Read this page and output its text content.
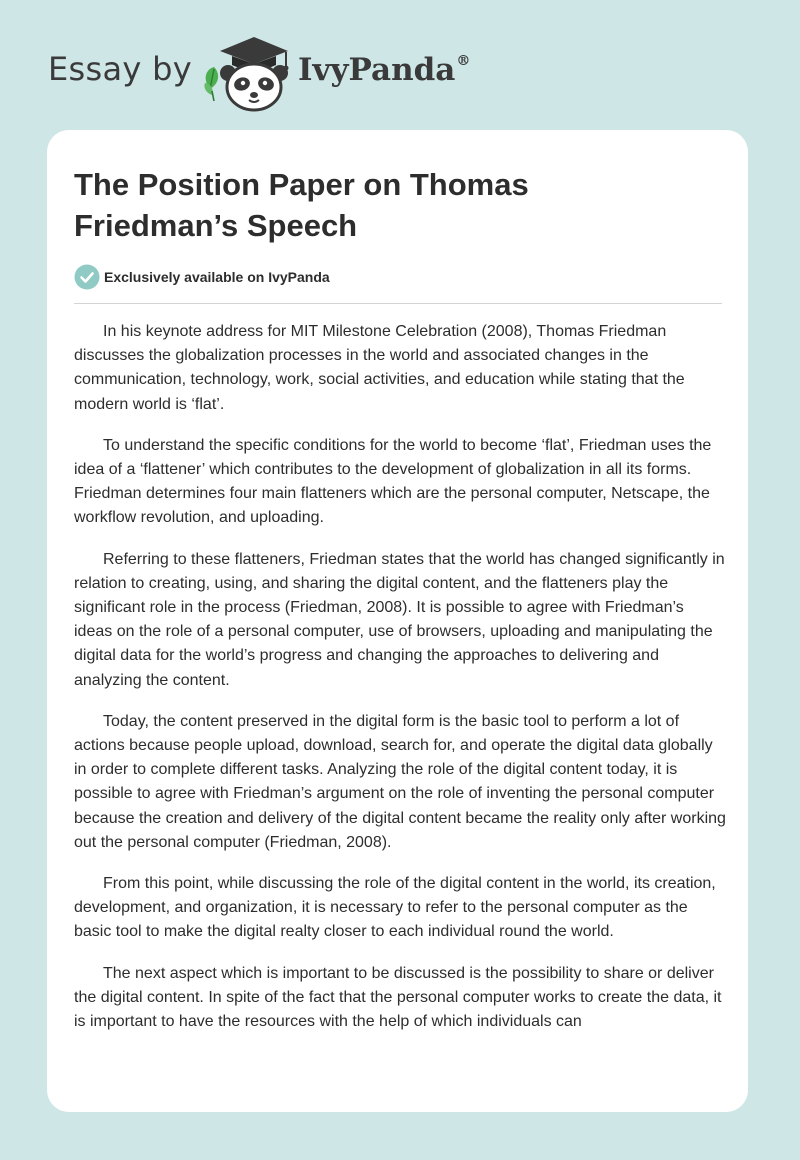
Essay by	IvyPanda®
The Position Paper on Thomas Friedman’s Speech
Exclusively available on IvyPanda

In his keynote address for MIT Milestone Celebration (2008), Thomas Friedman discusses the globalization processes in the world and associated changes in the communication, technology, work, social activities, and education while stating that the modern world is ‘flat’.

To understand the specific conditions for the world to become ‘flat’, Friedman uses the idea of a ‘flattener’ which contributes to the development of globalization in all its forms. Friedman determines four main flatteners which are the personal computer, Netscape, the workflow revolution, and uploading.

Referring to these flatteners, Friedman states that the world has changed significantly in relation to creating, using, and sharing the digital content, and the flatteners play the significant role in the process (Friedman, 2008). It is possible to agree with Friedman’s ideas on the role of a personal computer, use of browsers, uploading and manipulating the digital data for the world’s progress and changing the approaches to delivering and analyzing the content.

Today, the content preserved in the digital form is the basic tool to perform a lot of actions because people upload, download, search for, and operate the digital data globally in order to complete different tasks. Analyzing the role of the digital content today, it is possible to agree with Friedman’s argument on the role of inventing the personal computer because the creation and delivery of the digital content became the reality only after working out the personal computer (Friedman, 2008).

From this point, while discussing the role of the digital content in the world, its creation, development, and organization, it is necessary to refer to the personal computer as the basic tool to make the digital realty closer to each individual round the world.

The next aspect which is important to be discussed is the possibility to share or deliver the digital content. In spite of the fact that the personal computer works to create the data, it is important to have the resources with the help of which individuals can
